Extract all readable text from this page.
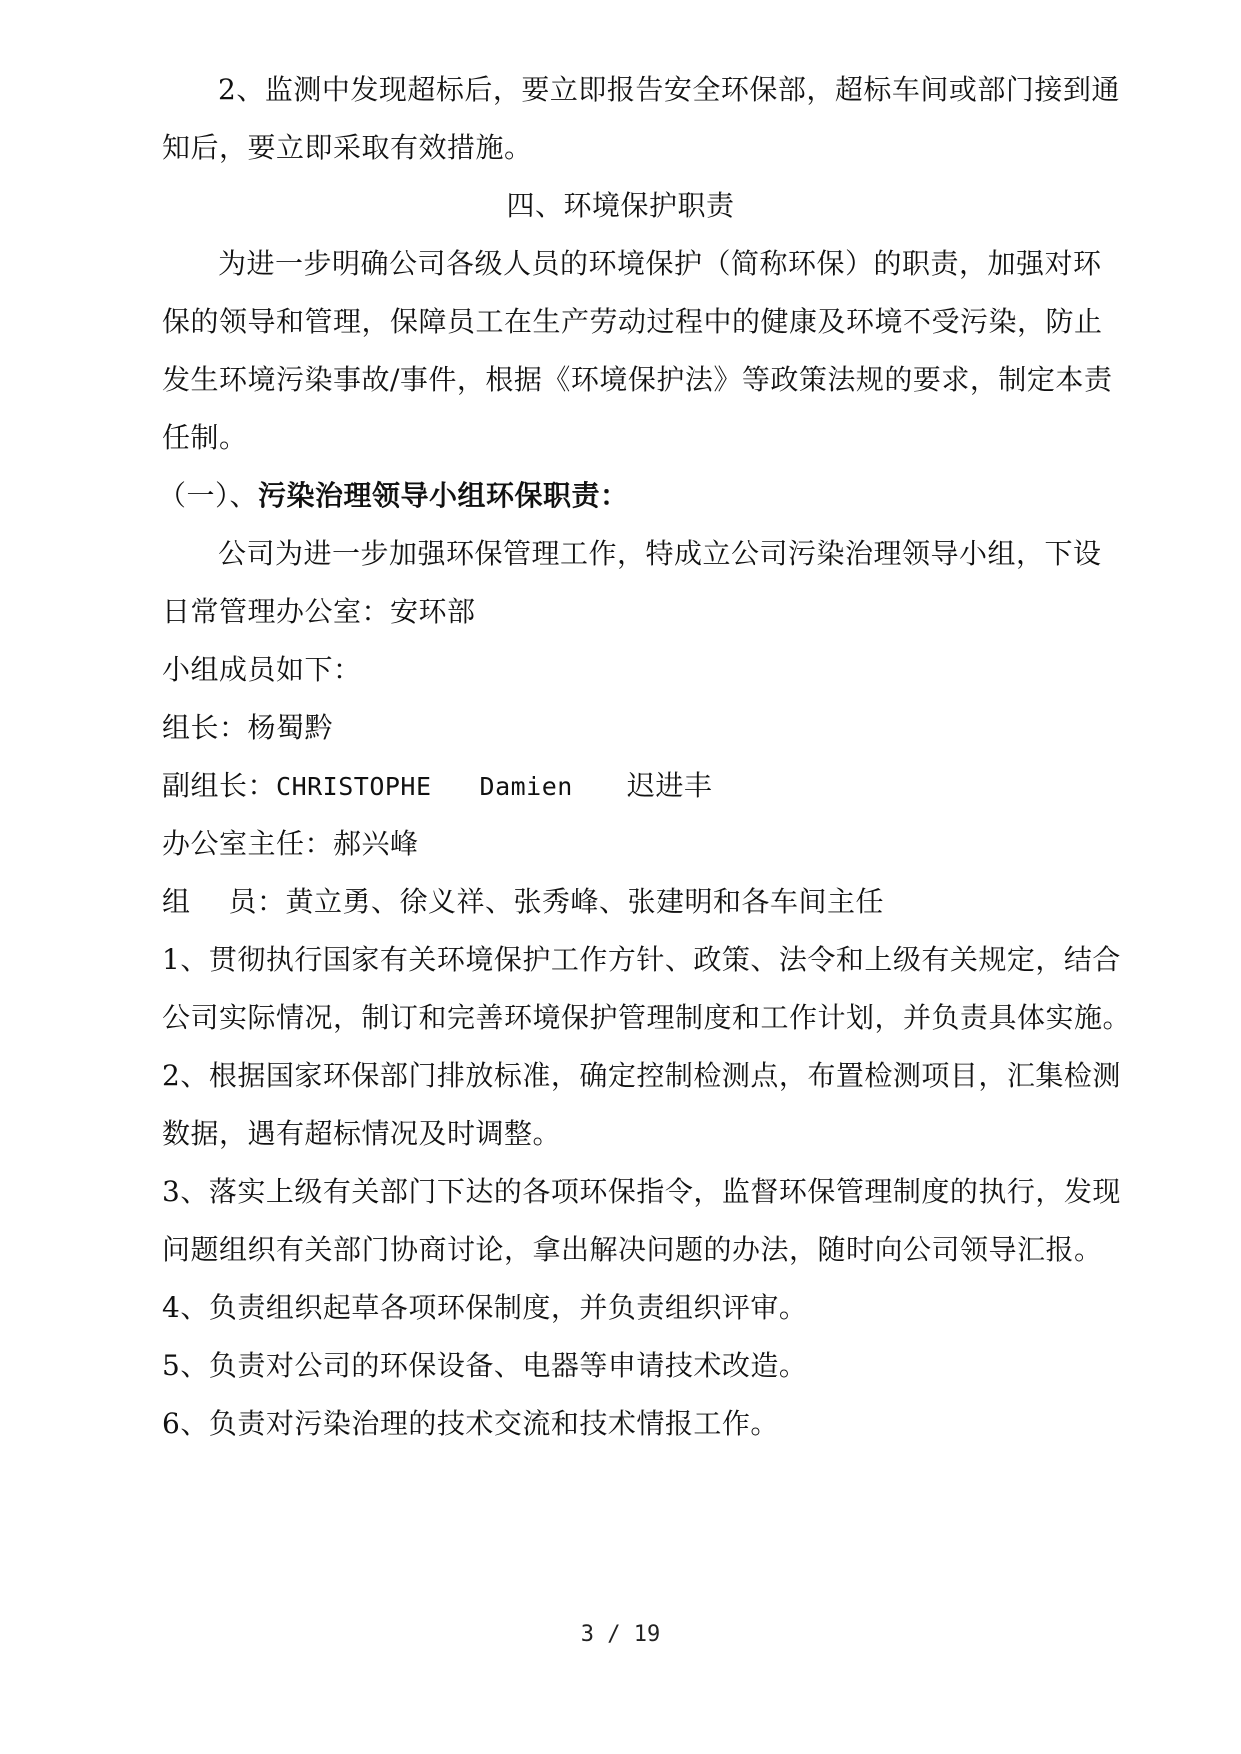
2、监测中发现超标后，要立即报告安全环保部，超标车间或部门接到通
知后，要立即采取有效措施。
四、环境保护职责
为进一步明确公司各级人员的环境保护（简称环保）的职责，加强对环
保的领导和管理，保障员工在生产劳动过程中的健康及环境不受污染，防止
发生环境污染事故/事件，根据《环境保护法》等政策法规的要求，制定本责
任制。
（一）、污染治理领导小组环保职责：
公司为进一步加强环保管理工作，特成立公司污染治理领导小组，下设
日常管理办公室：安环部
小组成员如下：
组长：杨蜀黔
副组长：CHRISTOPHE Damien 迟进丰
办公室主任：郝兴峰
组 员：黄立勇、徐义祥、张秀峰、张建明和各车间主任
1、贯彻执行国家有关环境保护工作方针、政策、法令和上级有关规定，结合
公司实际情况，制订和完善环境保护管理制度和工作计划，并负责具体实施。
2、根据国家环保部门排放标准，确定控制检测点，布置检测项目，汇集检测
数据，遇有超标情况及时调整。
3、落实上级有关部门下达的各项环保指令，监督环保管理制度的执行，发现
问题组织有关部门协商讨论，拿出解决问题的办法，随时向公司领导汇报。
4、负责组织起草各项环保制度，并负责组织评审。
5、负责对公司的环保设备、电器等申请技术改造。
6、负责对污染治理的技术交流和技术情报工作。
3 / 19
